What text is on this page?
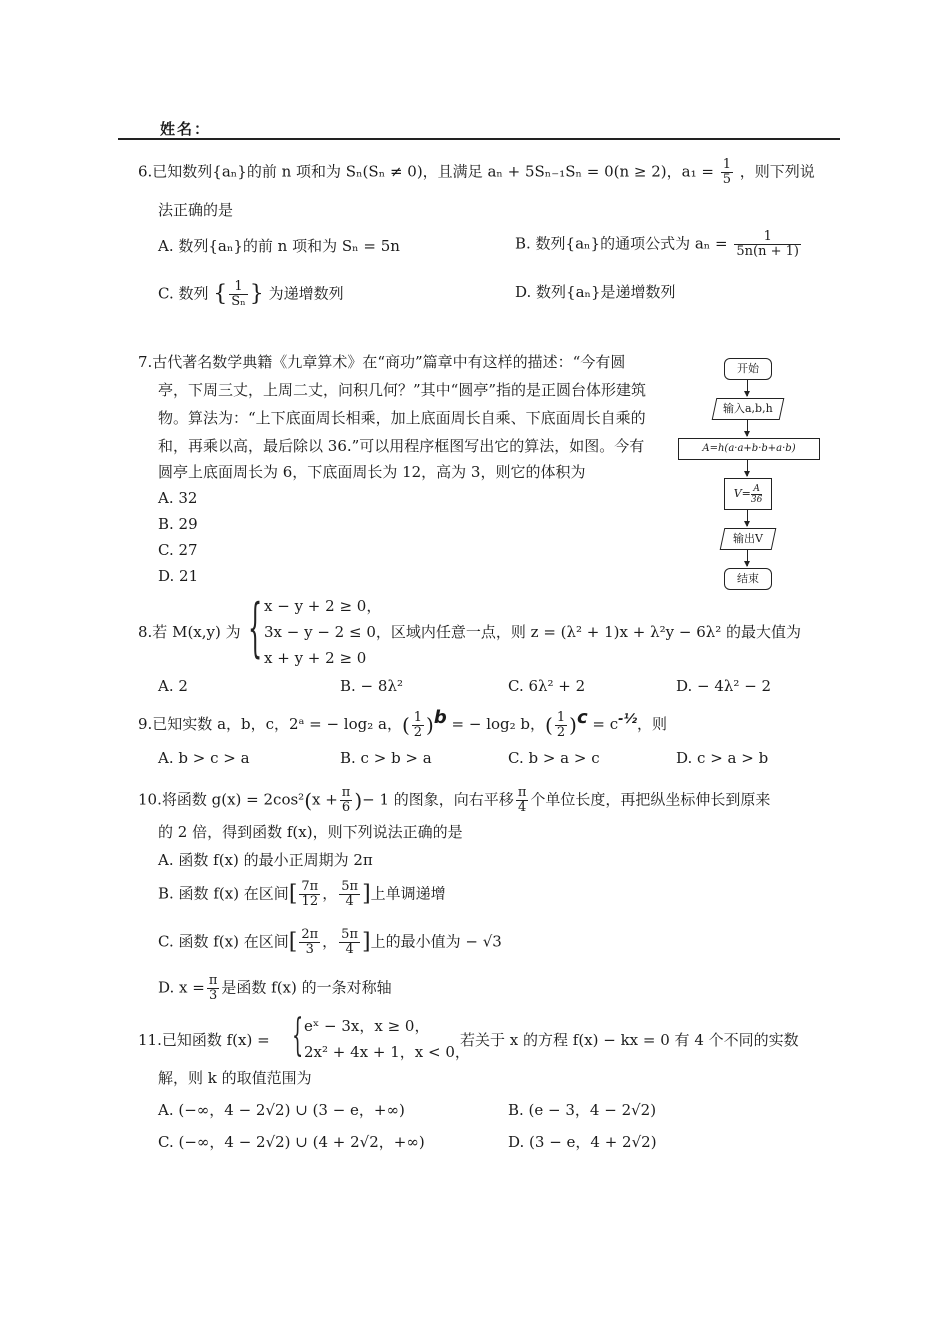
姓名：
6.已知数列{aₙ}的前 n 项和为 Sₙ(Sₙ ≠ 0)，且满足 aₙ + 5Sₙ₋₁Sₙ = 0(n ≥ 2)，$a_1 = \frac{1}{5}$ ，则下列说
法正确的是
A. 数列{aₙ}的前 n 项和为 Sₙ = 5n	B. 数列{aₙ}的通项公式为 $a_n = \frac{1}{5n(n + 1)}$
C. 数列 { $\frac{1}{\text{Sₙ}}$ } 为递增数列	D. 数列{aₙ}是递增数列
7.古代著名数学典籍《九章算术》在“商功”篇章中有这样的描述：“今有圆
亭，下周三丈，上周二丈，问积几何？”其中“圆亭”指的是正圆台体形建筑
物。算法为：“上下底面周长相乘，加上底面周长自乘、下底面周长自乘的
和，再乘以高，最后除以 36.”可以用程序框图写出它的算法，如图。今有
圆亭上底面周长为 6，下底面周长为 12，高为 3，则它的体积为
A. 32
B. 29
C. 27
D. 21
开始
输入a,b,h
A=h(a·a+b·b+a·b)
$V= \frac{A}{36}$
输出V
结束
8.若 M(x,y) 为 { x − y + 2 ≥ 0，
3x − y − 2 ≤ 0，区域内任意一点，则 z = (λ² + 1)x + λ²y − 6λ² 的最大值为
x + y + 2 ≥ 0
A. 2	B. − 8λ²	C. 6λ² + 2	D. − 4λ² − 2
9.已知实数 a，b，c，2ᵃ = − log₂ a，( $\frac{1}{2} )^b$ = − log₂ b，( $\frac{1}{2} )^c = c^{-\frac{1}{2}}$，则
A. b > c > a	B. c > b > a	C. b > a > c	D. c > a > b
10.将函数 $g(x) = 2\cos^2(x + \frac{\pi}{6}$ )− 1 的图象，向右平移 $\frac{\pi}{4}$ 个单位长度，再把纵坐标伸长到原来
的 2 倍，得到函数 f(x)，则下列说法正确的是
A. 函数 f(x) 的最小正周期为 2π
B. 函数 f(x) 在区间[ $\frac{7\pi}{12}$ ， $\frac{5\pi}{4}$ ]上单调递增
C. 函数 f(x) 在区间[ $\frac{2\pi}{3}$ ， $\frac{5\pi}{4}$ ]上的最小值为 − √3
D. $x = \frac{\pi}{3}$ 是函数 f(x) 的一条对称轴
11.已知函数 f(x) = { eˣ − 3x，x ≥ 0，
2x² + 4x + 1，x < 0，
若关于 x 的方程 f(x) − kx = 0 有 4 个不同的实数
解，则 k 的取值范围为
A. (−∞，4 − 2√2) ∪ (3 − e，+∞)	B. (e − 3，4 − 2√2)
C. (−∞，4 − 2√2) ∪ (4 + 2√2，+∞)	D. (3 − e，4 + 2√2)
